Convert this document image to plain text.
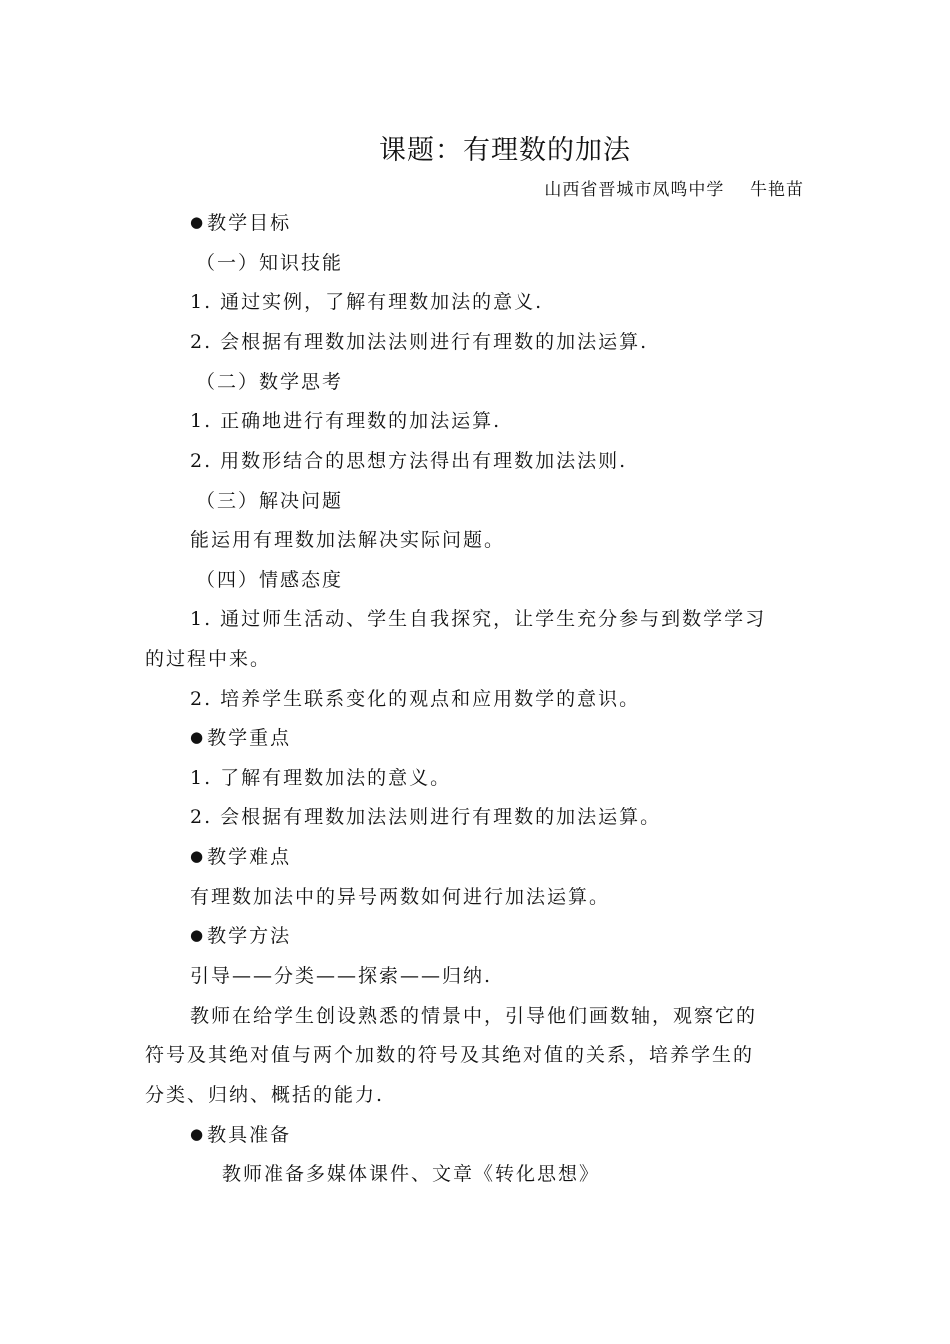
课题：有理数的加法
山西省晋城市凤鸣中学    牛艳苗
● 教学目标
（一）知识技能
1. 通过实例，了解有理数加法的意义.
2. 会根据有理数加法法则进行有理数的加法运算.
（二）数学思考
1. 正确地进行有理数的加法运算.
2. 用数形结合的思想方法得出有理数加法法则.
（三）解决问题
能运用有理数加法解决实际问题。
（四）情感态度
1. 通过师生活动、学生自我探究，让学生充分参与到数学学习
的过程中来。
2. 培养学生联系变化的观点和应用数学的意识。
● 教学重点
1. 了解有理数加法的意义。
2. 会根据有理数加法法则进行有理数的加法运算。
● 教学难点
有理数加法中的异号两数如何进行加法运算。
● 教学方法
引导——分类——探索——归纳.
教师在给学生创设熟悉的情景中，引导他们画数轴，观察它的
符号及其绝对值与两个加数的符号及其绝对值的关系，培养学生的
分类、归纳、概括的能力.
● 教具准备
教师准备多媒体课件、文章《转化思想》
